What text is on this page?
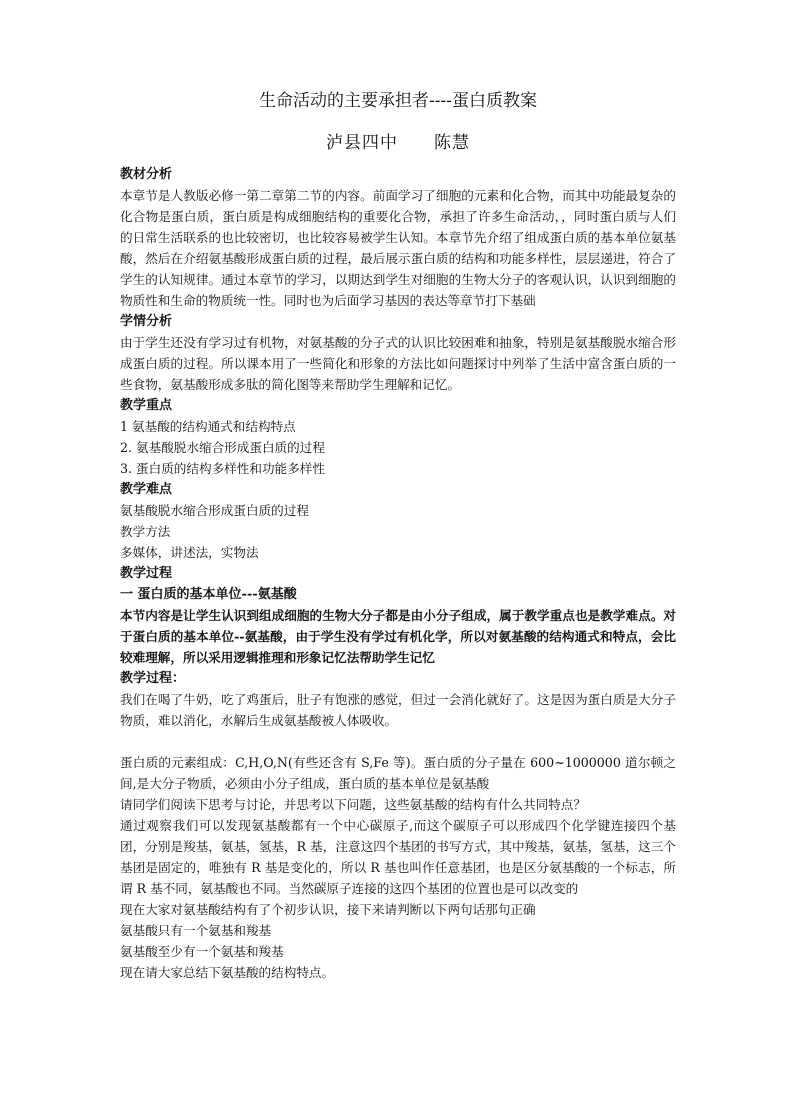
生命活动的主要承担者----蛋白质教案
泸县四中 陈慧
教材分析
本章节是人教版必修一第二章第二节的内容。前面学习了细胞的元素和化合物，而其中功能最复杂的化合物是蛋白质，蛋白质是构成细胞结构的重要化合物，承担了许多生命活动，，同时蛋白质与人们的日常生活联系的也比较密切，也比较容易被学生认知。本章节先介绍了组成蛋白质的基本单位氨基酸，然后在介绍氨基酸形成蛋白质的过程，最后展示蛋白质的结构和功能多样性，层层递进，符合了学生的认知规律。通过本章节的学习，以期达到学生对细胞的生物大分子的客观认识，认识到细胞的物质性和生命的物质统一性。同时也为后面学习基因的表达等章节打下基础
学情分析
由于学生还没有学习过有机物，对氨基酸的分子式的认识比较困难和抽象，特别是氨基酸脱水缩合形成蛋白质的过程。所以课本用了一些简化和形象的方法比如问题探讨中列举了生活中富含蛋白质的一些食物，氨基酸形成多肽的简化图等来帮助学生理解和记忆。
教学重点
1 氨基酸的结构通式和结构特点
2. 氨基酸脱水缩合形成蛋白质的过程
3. 蛋白质的结构多样性和功能多样性
教学难点
氨基酸脱水缩合形成蛋白质的过程
教学方法
多媒体，讲述法，实物法
教学过程
一 蛋白质的基本单位---氨基酸
本节内容是让学生认识到组成细胞的生物大分子都是由小分子组成，属于教学重点也是教学难点。对于蛋白质的基本单位--氨基酸，由于学生没有学过有机化学，所以对氨基酸的结构通式和特点，会比较难理解，所以采用逻辑推理和形象记忆法帮助学生记忆
教学过程：
我们在喝了牛奶，吃了鸡蛋后，肚子有饱涨的感觉，但过一会消化就好了。这是因为蛋白质是大分子物质，难以消化，水解后生成氨基酸被人体吸收。
蛋白质的元素组成：C,H,O,N(有些还含有 S,Fe 等)。蛋白质的分子量在 600~1000000 道尔顿之间,是大分子物质，必须由小分子组成，蛋白质的基本单位是氨基酸
请同学们阅读下思考与讨论，并思考以下问题，这些氨基酸的结构有什么共同特点？
通过观察我们可以发现氨基酸都有一个中心碳原子,而这个碳原子可以形成四个化学键连接四个基团，分别是羧基，氨基，氢基，R 基，注意这四个基团的书写方式，其中羧基，氨基，氢基，这三个基团是固定的，唯独有 R 基是变化的，所以 R 基也叫作任意基团，也是区分氨基酸的一个标志，所谓 R 基不同，氨基酸也不同。当然碳原子连接的这四个基团的位置也是可以改变的
现在大家对氨基酸结构有了个初步认识，接下来请判断以下两句话那句正确
氨基酸只有一个氨基和羧基
氨基酸至少有一个氨基和羧基
现在请大家总结下氨基酸的结构特点。
